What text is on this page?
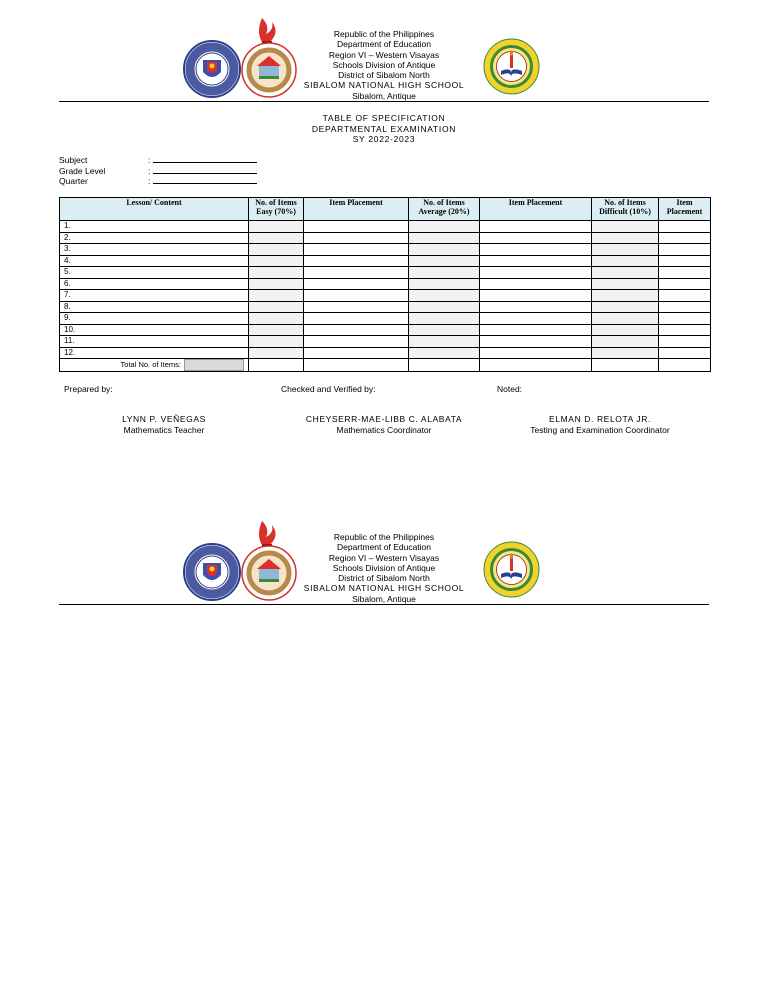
Republic of the Philippines
Department of Education
Region VI – Western Visayas
Schools Division of Antique
District of Sibalom North
SIBALOM NATIONAL HIGH SCHOOL
Sibalom, Antique
TABLE OF SPECIFICATION
DEPARTMENTAL EXAMINATION
SY 2022-2023
Subject	:
Grade Level	:
Quarter	:
Lesson/ Content	No. of Items Easy (70%)	Item Placement	No. of Items Average (20%)	Item Placement	No. of Items Difficult (10%)	Item Placement
1.						
2.						
3.						
4.						
5.						
6.						
7.						
8.						
9.						
10.						
11.						
12.						
Total No. of Items:						
Prepared by:	Checked and Verified by:	Noted:
LYNN P. VEÑEGAS
Mathematics Teacher
CHEYSERR-MAE-LIBB C. ALABATA
Mathematics Coordinator
ELMAN D. RELOTA JR.
Testing and Examination Coordinator
Republic of the Philippines
Department of Education
Region VI – Western Visayas
Schools Division of Antique
District of Sibalom North
SIBALOM NATIONAL HIGH SCHOOL
Sibalom, Antique
